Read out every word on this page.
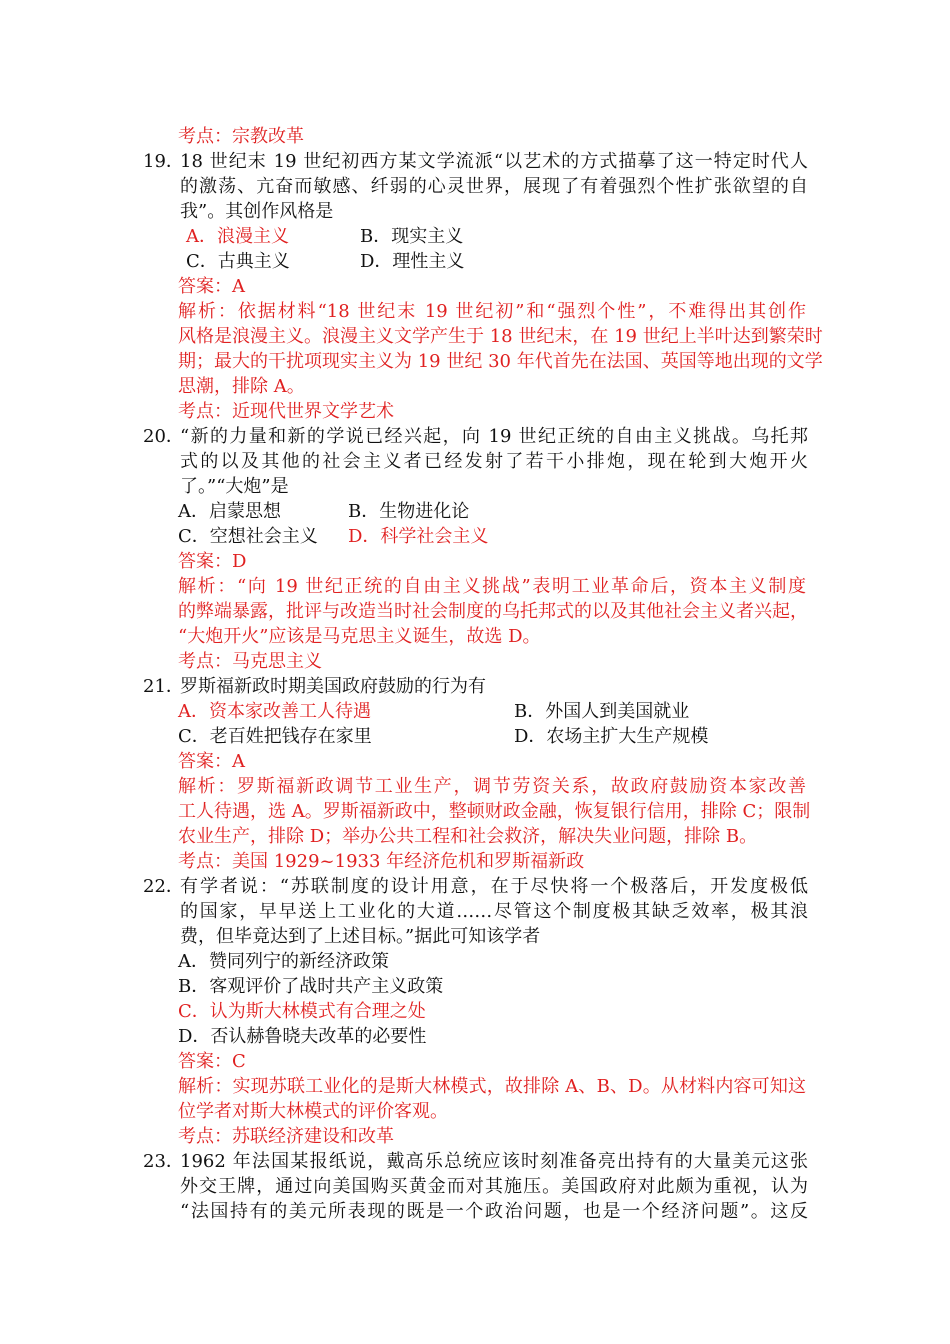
考点：宗教改革
19．
18 世纪末 19 世纪初西方某文学流派“以艺术的方式描摹了这一特定时代人
的激荡、亢奋而敏感、纤弱的心灵世界，展现了有着强烈个性扩张欲望的自
我”。其创作风格是
A．浪漫主义	B．现实主义
C．古典主义	D．理性主义
答案：A
解析：依据材料“18 世纪末 19 世纪初”和“强烈个性”，不难得出其创作
风格是浪漫主义。浪漫主义文学产生于 18 世纪末，在 19 世纪上半叶达到繁荣时
期；最大的干扰项现实主义为 19 世纪 30 年代首先在法国、英国等地出现的文学
思潮，排除 A。
考点：近现代世界文学艺术
20．
“新的力量和新的学说已经兴起，向 19 世纪正统的自由主义挑战。乌托邦
式的以及其他的社会主义者已经发射了若干小排炮，现在轮到大炮开火
了。”“大炮”是
A．启蒙思想	B．生物进化论
C．空想社会主义 D．科学社会主义
答案：D
解析：“向 19 世纪正统的自由主义挑战”表明工业革命后，资本主义制度
的弊端暴露，批评与改造当时社会制度的乌托邦式的以及其他社会主义者兴起，
“大炮开火”应该是马克思主义诞生，故选 D。
考点：马克思主义
21．
罗斯福新政时期美国政府鼓励的行为有
A．资本家改善工人待遇	B．外国人到美国就业
C．老百姓把钱存在家里	D．农场主扩大生产规模
答案：A
解析：罗斯福新政调节工业生产，调节劳资关系，故政府鼓励资本家改善
工人待遇，选 A。罗斯福新政中，整顿财政金融，恢复银行信用，排除 C；限制
农业生产，排除 D；举办公共工程和社会救济，解决失业问题，排除 B。
考点：美国 1929~1933 年经济危机和罗斯福新政
22．
有学者说：“苏联制度的设计用意，在于尽快将一个极落后，开发度极低
的国家，早早送上工业化的大道……尽管这个制度极其缺乏效率，极其浪
费，但毕竟达到了上述目标。”据此可知该学者
A．赞同列宁的新经济政策
B．客观评价了战时共产主义政策
C．认为斯大林模式有合理之处
D．否认赫鲁晓夫改革的必要性
答案：C
解析：实现苏联工业化的是斯大林模式，故排除 A、B、D。从材料内容可知这
位学者对斯大林模式的评价客观。
考点：苏联经济建设和改革
23．
1962 年法国某报纸说，戴高乐总统应该时刻准备亮出持有的大量美元这张
外交王牌，通过向美国购买黄金而对其施压。美国政府对此颇为重视，认为
“法国持有的美元所表现的既是一个政治问题，也是一个经济问题”。这反
